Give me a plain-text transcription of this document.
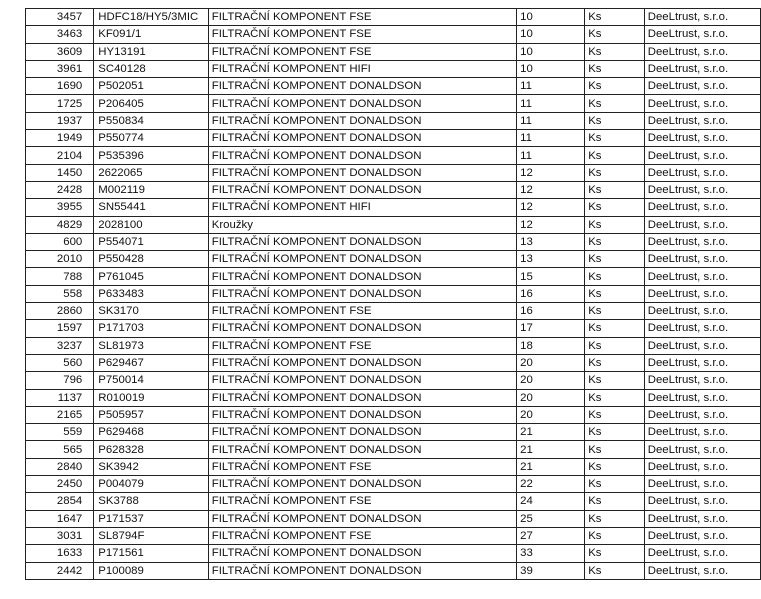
3457	HDFC18/HY5/3MIC	FILTRAČNÍ KOMPONENT FSE	10	Ks	DeeLtrust, s.r.o.
3463	KF091/1	FILTRAČNÍ KOMPONENT FSE	10	Ks	DeeLtrust, s.r.o.
3609	HY13191	FILTRAČNÍ KOMPONENT FSE	10	Ks	DeeLtrust, s.r.o.
3961	SC40128	FILTRAČNÍ KOMPONENT HIFI	10	Ks	DeeLtrust, s.r.o.
1690	P502051	FILTRAČNÍ KOMPONENT DONALDSON	11	Ks	DeeLtrust, s.r.o.
1725	P206405	FILTRAČNÍ KOMPONENT DONALDSON	11	Ks	DeeLtrust, s.r.o.
1937	P550834	FILTRAČNÍ KOMPONENT DONALDSON	11	Ks	DeeLtrust, s.r.o.
1949	P550774	FILTRAČNÍ KOMPONENT DONALDSON	11	Ks	DeeLtrust, s.r.o.
2104	P535396	FILTRAČNÍ KOMPONENT DONALDSON	11	Ks	DeeLtrust, s.r.o.
1450	2622065	FILTRAČNÍ KOMPONENT DONALDSON	12	Ks	DeeLtrust, s.r.o.
2428	M002119	FILTRAČNÍ KOMPONENT DONALDSON	12	Ks	DeeLtrust, s.r.o.
3955	SN55441	FILTRAČNÍ KOMPONENT HIFI	12	Ks	DeeLtrust, s.r.o.
4829	2028100	Kroužky	12	Ks	DeeLtrust, s.r.o.
600	P554071	FILTRAČNÍ KOMPONENT DONALDSON	13	Ks	DeeLtrust, s.r.o.
2010	P550428	FILTRAČNÍ KOMPONENT DONALDSON	13	Ks	DeeLtrust, s.r.o.
788	P761045	FILTRAČNÍ KOMPONENT DONALDSON	15	Ks	DeeLtrust, s.r.o.
558	P633483	FILTRAČNÍ KOMPONENT DONALDSON	16	Ks	DeeLtrust, s.r.o.
2860	SK3170	FILTRAČNÍ KOMPONENT FSE	16	Ks	DeeLtrust, s.r.o.
1597	P171703	FILTRAČNÍ KOMPONENT DONALDSON	17	Ks	DeeLtrust, s.r.o.
3237	SL81973	FILTRAČNÍ KOMPONENT FSE	18	Ks	DeeLtrust, s.r.o.
560	P629467	FILTRAČNÍ KOMPONENT DONALDSON	20	Ks	DeeLtrust, s.r.o.
796	P750014	FILTRAČNÍ KOMPONENT DONALDSON	20	Ks	DeeLtrust, s.r.o.
1137	R010019	FILTRAČNÍ KOMPONENT DONALDSON	20	Ks	DeeLtrust, s.r.o.
2165	P505957	FILTRAČNÍ KOMPONENT DONALDSON	20	Ks	DeeLtrust, s.r.o.
559	P629468	FILTRAČNÍ KOMPONENT DONALDSON	21	Ks	DeeLtrust, s.r.o.
565	P628328	FILTRAČNÍ KOMPONENT DONALDSON	21	Ks	DeeLtrust, s.r.o.
2840	SK3942	FILTRAČNÍ KOMPONENT FSE	21	Ks	DeeLtrust, s.r.o.
2450	P004079	FILTRAČNÍ KOMPONENT DONALDSON	22	Ks	DeeLtrust, s.r.o.
2854	SK3788	FILTRAČNÍ KOMPONENT FSE	24	Ks	DeeLtrust, s.r.o.
1647	P171537	FILTRAČNÍ KOMPONENT DONALDSON	25	Ks	DeeLtrust, s.r.o.
3031	SL8794F	FILTRAČNÍ KOMPONENT FSE	27	Ks	DeeLtrust, s.r.o.
1633	P171561	FILTRAČNÍ KOMPONENT DONALDSON	33	Ks	DeeLtrust, s.r.o.
2442	P100089	FILTRAČNÍ KOMPONENT DONALDSON	39	Ks	DeeLtrust, s.r.o.
